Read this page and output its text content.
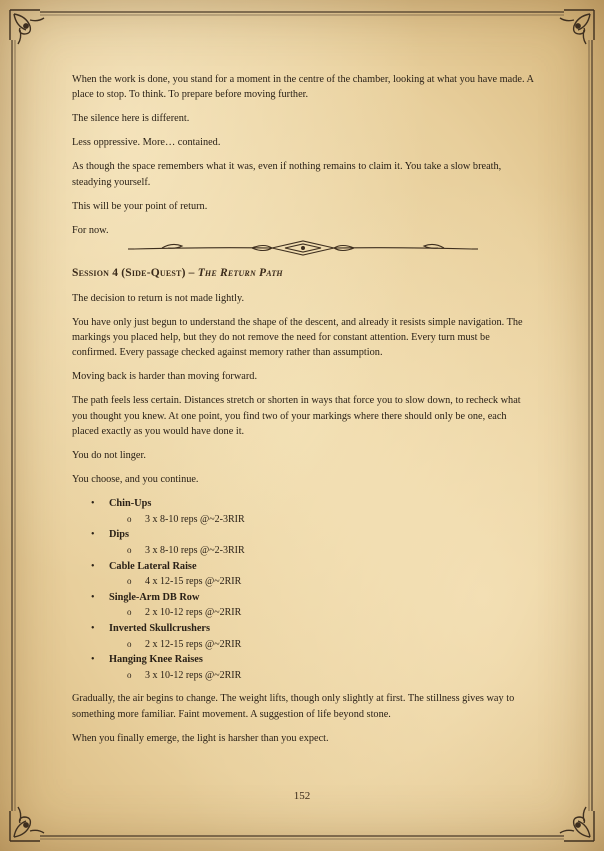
When the work is done, you stand for a moment in the centre of the chamber, looking at what you have made. A place to stop. To think. To prepare before moving further.

The silence here is different.

Less oppressive. More… contained.

As though the space remembers what it was, even if nothing remains to claim it. You take a slow breath, steadying yourself.

This will be your point of return.

For now.

Session 4 (Side-Quest) – The Return Path

The decision to return is not made lightly.

You have only just begun to understand the shape of the descent, and already it resists simple navigation. The markings you placed help, but they do not remove the need for constant attention. Every turn must be confirmed. Every passage checked against memory rather than assumption.

Moving back is harder than moving forward.

The path feels less certain. Distances stretch or shorten in ways that force you to slow down, to recheck what you thought you knew. At one point, you find two of your markings where there should only be one, each placed exactly as you would have done it.

You do not linger.

You choose, and you continue.

• Chin-Ups
o 3 x 8-10 reps @~2-3RIR
• Dips
o 3 x 8-10 reps @~2-3RIR
• Cable Lateral Raise
o 4 x 12-15 reps @~2RIR
• Single-Arm DB Row
o 2 x 10-12 reps @~2RIR
• Inverted Skullcrushers
o 2 x 12-15 reps @~2RIR
• Hanging Knee Raises
o 3 x 10-12 reps @~2RIR

Gradually, the air begins to change. The weight lifts, though only slightly at first. The stillness gives way to something more familiar. Faint movement. A suggestion of life beyond stone.

When you finally emerge, the light is harsher than you expect.

152
